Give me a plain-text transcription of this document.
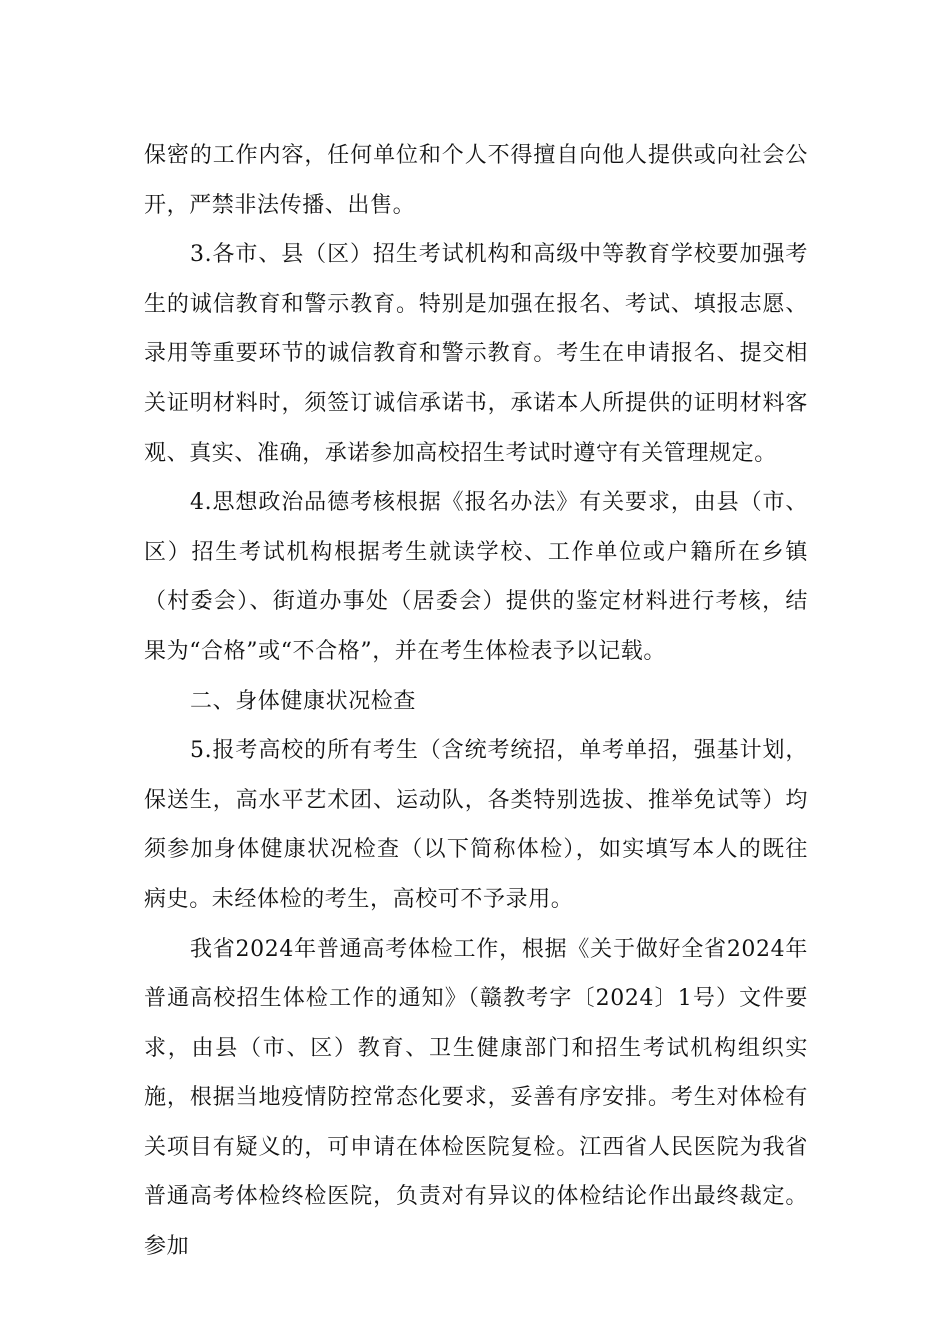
保密的工作内容，任何单位和个人不得擅自向他人提供或向社会公开，严禁非法传播、出售。

3.各市、县（区）招生考试机构和高级中等教育学校要加强考生的诚信教育和警示教育。特别是加强在报名、考试、填报志愿、录用等重要环节的诚信教育和警示教育。考生在申请报名、提交相关证明材料时，须签订诚信承诺书，承诺本人所提供的证明材料客观、真实、准确，承诺参加高校招生考试时遵守有关管理规定。

4.思想政治品德考核根据《报名办法》有关要求，由县（市、区）招生考试机构根据考生就读学校、工作单位或户籍所在乡镇（村委会）、街道办事处（居委会）提供的鉴定材料进行考核，结果为“合格”或“不合格”，并在考生体检表予以记载。

二、身体健康状况检查

5.报考高校的所有考生（含统考统招，单考单招，强基计划，保送生，高水平艺术团、运动队，各类特别选拔、推举免试等）均须参加身体健康状况检查（以下简称体检），如实填写本人的既往病史。未经体检的考生，高校可不予录用。

我省2024年普通高考体检工作，根据《关于做好全省2024年普通高校招生体检工作的通知》（赣教考字〔2024〕1号）文件要求，由县（市、区）教育、卫生健康部门和招生考试机构组织实施，根据当地疫情防控常态化要求，妥善有序安排。考生对体检有关项目有疑义的，可申请在体检医院复检。江西省人民医院为我省普通高考体检终检医院，负责对有异议的体检结论作出最终裁定。参加
